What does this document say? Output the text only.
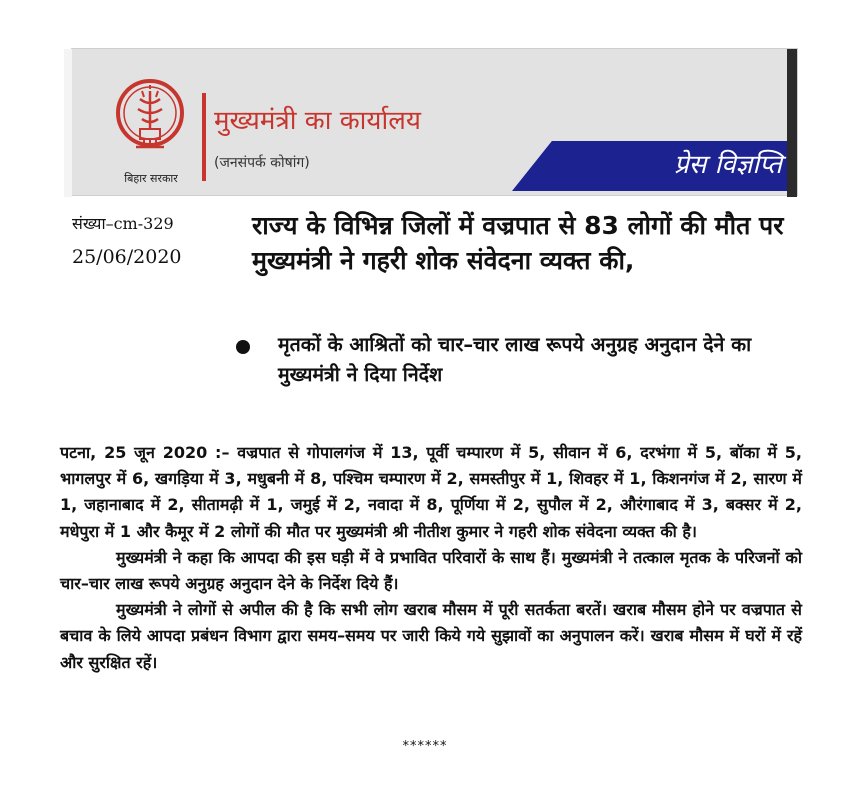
बिहार सरकार
मुख्यमंत्री का कार्यालय
(जनसंपर्क कोषांग)	प्रेस विज्ञप्ति
संख्या–cm-329
25/06/2020
राज्य के विभिन्न जिलों में वज्रपात से 83 लोगों की मौत पर मुख्यमंत्री ने गहरी शोक संवेदना व्यक्त की,
मृतकों के आश्रितों को चार–चार लाख रूपये अनुग्रह अनुदान देने का मुख्यमंत्री ने दिया निर्देश

पटना, 25 जून 2020 :– वज्रपात से गोपालगंज में 13, पूर्वी चम्पारण में 5, सीवान में 6, दरभंगा में 5, बॉका में 5, भागलपुर में 6, खगड़िया में 3, मधुबनी में 8, पश्चिम चम्पारण में 2, समस्तीपुर में 1, शिवहर में 1, किशनगंज में 2, सारण में 1, जहानाबाद में 2, सीतामढ़ी में 1, जमुई में 2, नवादा में 8, पूर्णिया में 2, सुपौल में 2, औरंगाबाद में 3, बक्सर में 2, मधेपुरा में 1 और कैमूर में 2 लोगों की मौत पर मुख्यमंत्री श्री नीतीश कुमार ने गहरी शोक संवेदना व्यक्त की है।

मुख्यमंत्री ने कहा कि आपदा की इस घड़ी में वे प्रभावित परिवारों के साथ हैं। मुख्यमंत्री ने तत्काल मृतक के परिजनों को चार–चार लाख रूपये अनुग्रह अनुदान देने के निर्देश दिये हैं।

मुख्यमंत्री ने लोगों से अपील की है कि सभी लोग खराब मौसम में पूरी सतर्कता बरतें। खराब मौसम होने पर वज्रपात से बचाव के लिये आपदा प्रबंधन विभाग द्वारा समय–समय पर जारी किये गये सुझावों का अनुपालन करें। खराब मौसम में घरों में रहें और सुरक्षित रहें।

******
